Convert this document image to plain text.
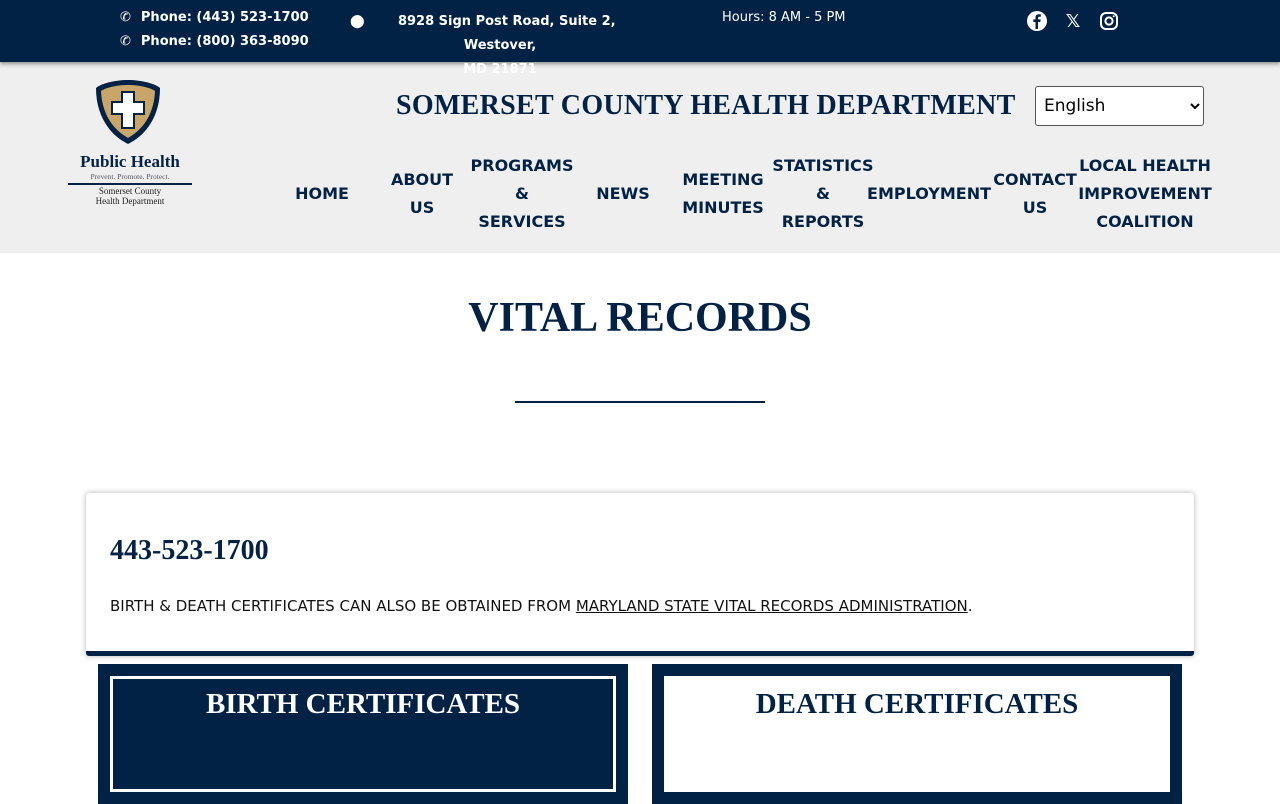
✆ Phone: (443) 523-1700
✆ Phone: (800) 363-8090
⬤	8928 Sign Post Road, Suite 2, Westover,
MD 21871
Hours: 8 AM - 5 PM	𝕏
Public Health
Prevent. Promote. Protect.
Somerset County
Health Department
SOMERSET COUNTY HEALTH DEPARTMENT
English
HOME
ABOUT US
PROGRAMS & SERVICES
NEWS
MEETING MINUTES
STATISTICS & REPORTS
EMPLOYMENT
CONTACT US
LOCAL HEALTH IMPROVEMENT COALITION
VITAL RECORDS
443-523-1700
BIRTH & DEATH CERTIFICATES CAN ALSO BE OBTAINED FROM MARYLAND STATE VITAL RECORDS ADMINISTRATION.
BIRTH CERTIFICATES	DEATH CERTIFICATES
